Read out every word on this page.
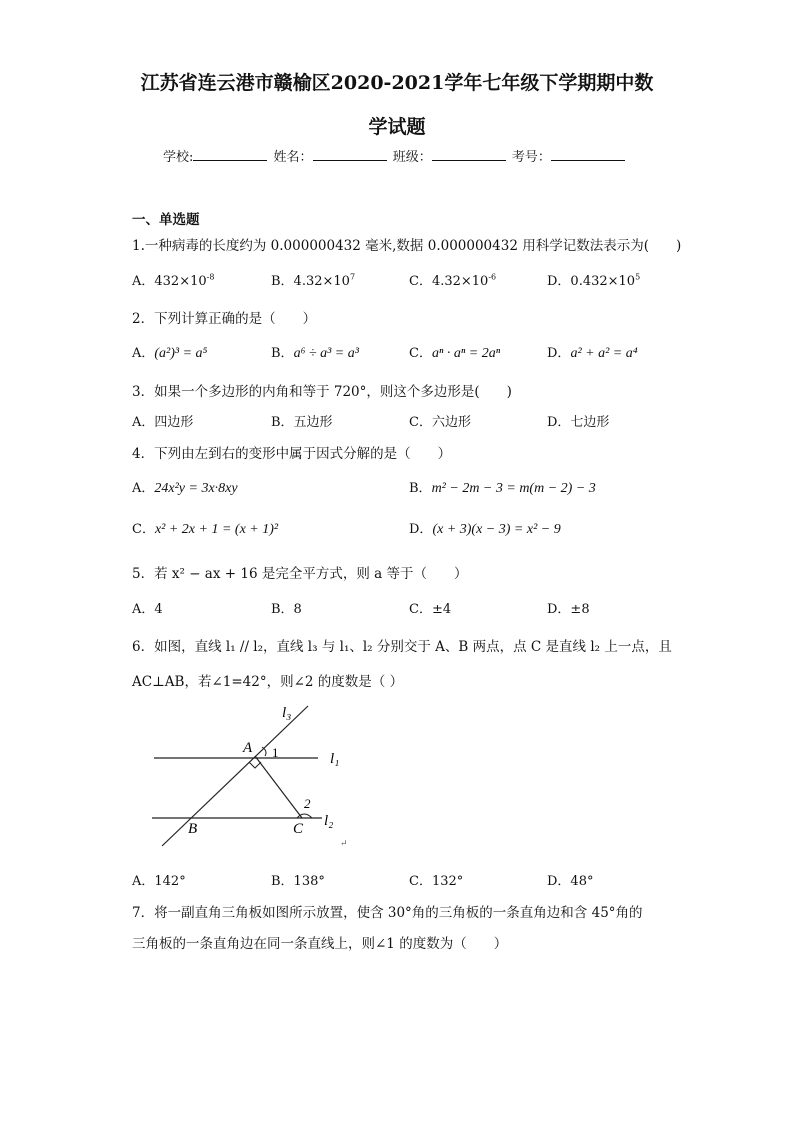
江苏省连云港市赣榆区2020-2021学年七年级下学期期中数
学试题
学校:	姓名：	班级：	考号：
一、单选题
1.一种病毒的长度约为 0.000000432 毫米,数据 0.000000432 用科学记数法表示为(　　)
A．$432\times 10^{-8}$	B．$4.32\times 10^7$	C．$4.32\times 10^{-6}$	D．$0.432\times 10^5$
2．下列计算正确的是（　　）
A．(a²)³ = a⁵	B．a⁶ ÷ a³ = a³	C．aⁿ · aⁿ = 2aⁿ	D．a² + a² = a⁴
3．如果一个多边形的内角和等于 720°，则这个多边形是(　　)
A．四边形	B．五边形	C．六边形	D．七边形
4．下列由左到右的变形中属于因式分解的是（　　）
A．24x²y = 3x·8xy	B．m² − 2m − 3 = m(m − 2) − 3
C．x² + 2x + 1 = (x + 1)²	D．(x + 3)(x − 3) = x² − 9
5．若 x² − ax + 16 是完全平方式，则 a 等于（　　）
A．4	B．8	C．±4	D．±8
6．如图，直线 l₁ // l₂，直线 l₃ 与 l₁、l₂ 分别交于 A、B 两点，点 C 是直线 l₂ 上一点，且
AC⊥AB，若∠1=42°，则∠2 的度数是（ ）
l₃
l₁
l₂
A
B	C
1
2
↵
A．142°	B．138°	C．132°	D．48°
7．将一副直角三角板如图所示放置，使含 30°角的三角板的一条直角边和含 45°角的
三角板的一条直角边在同一条直线上，则∠1 的度数为（　　）
